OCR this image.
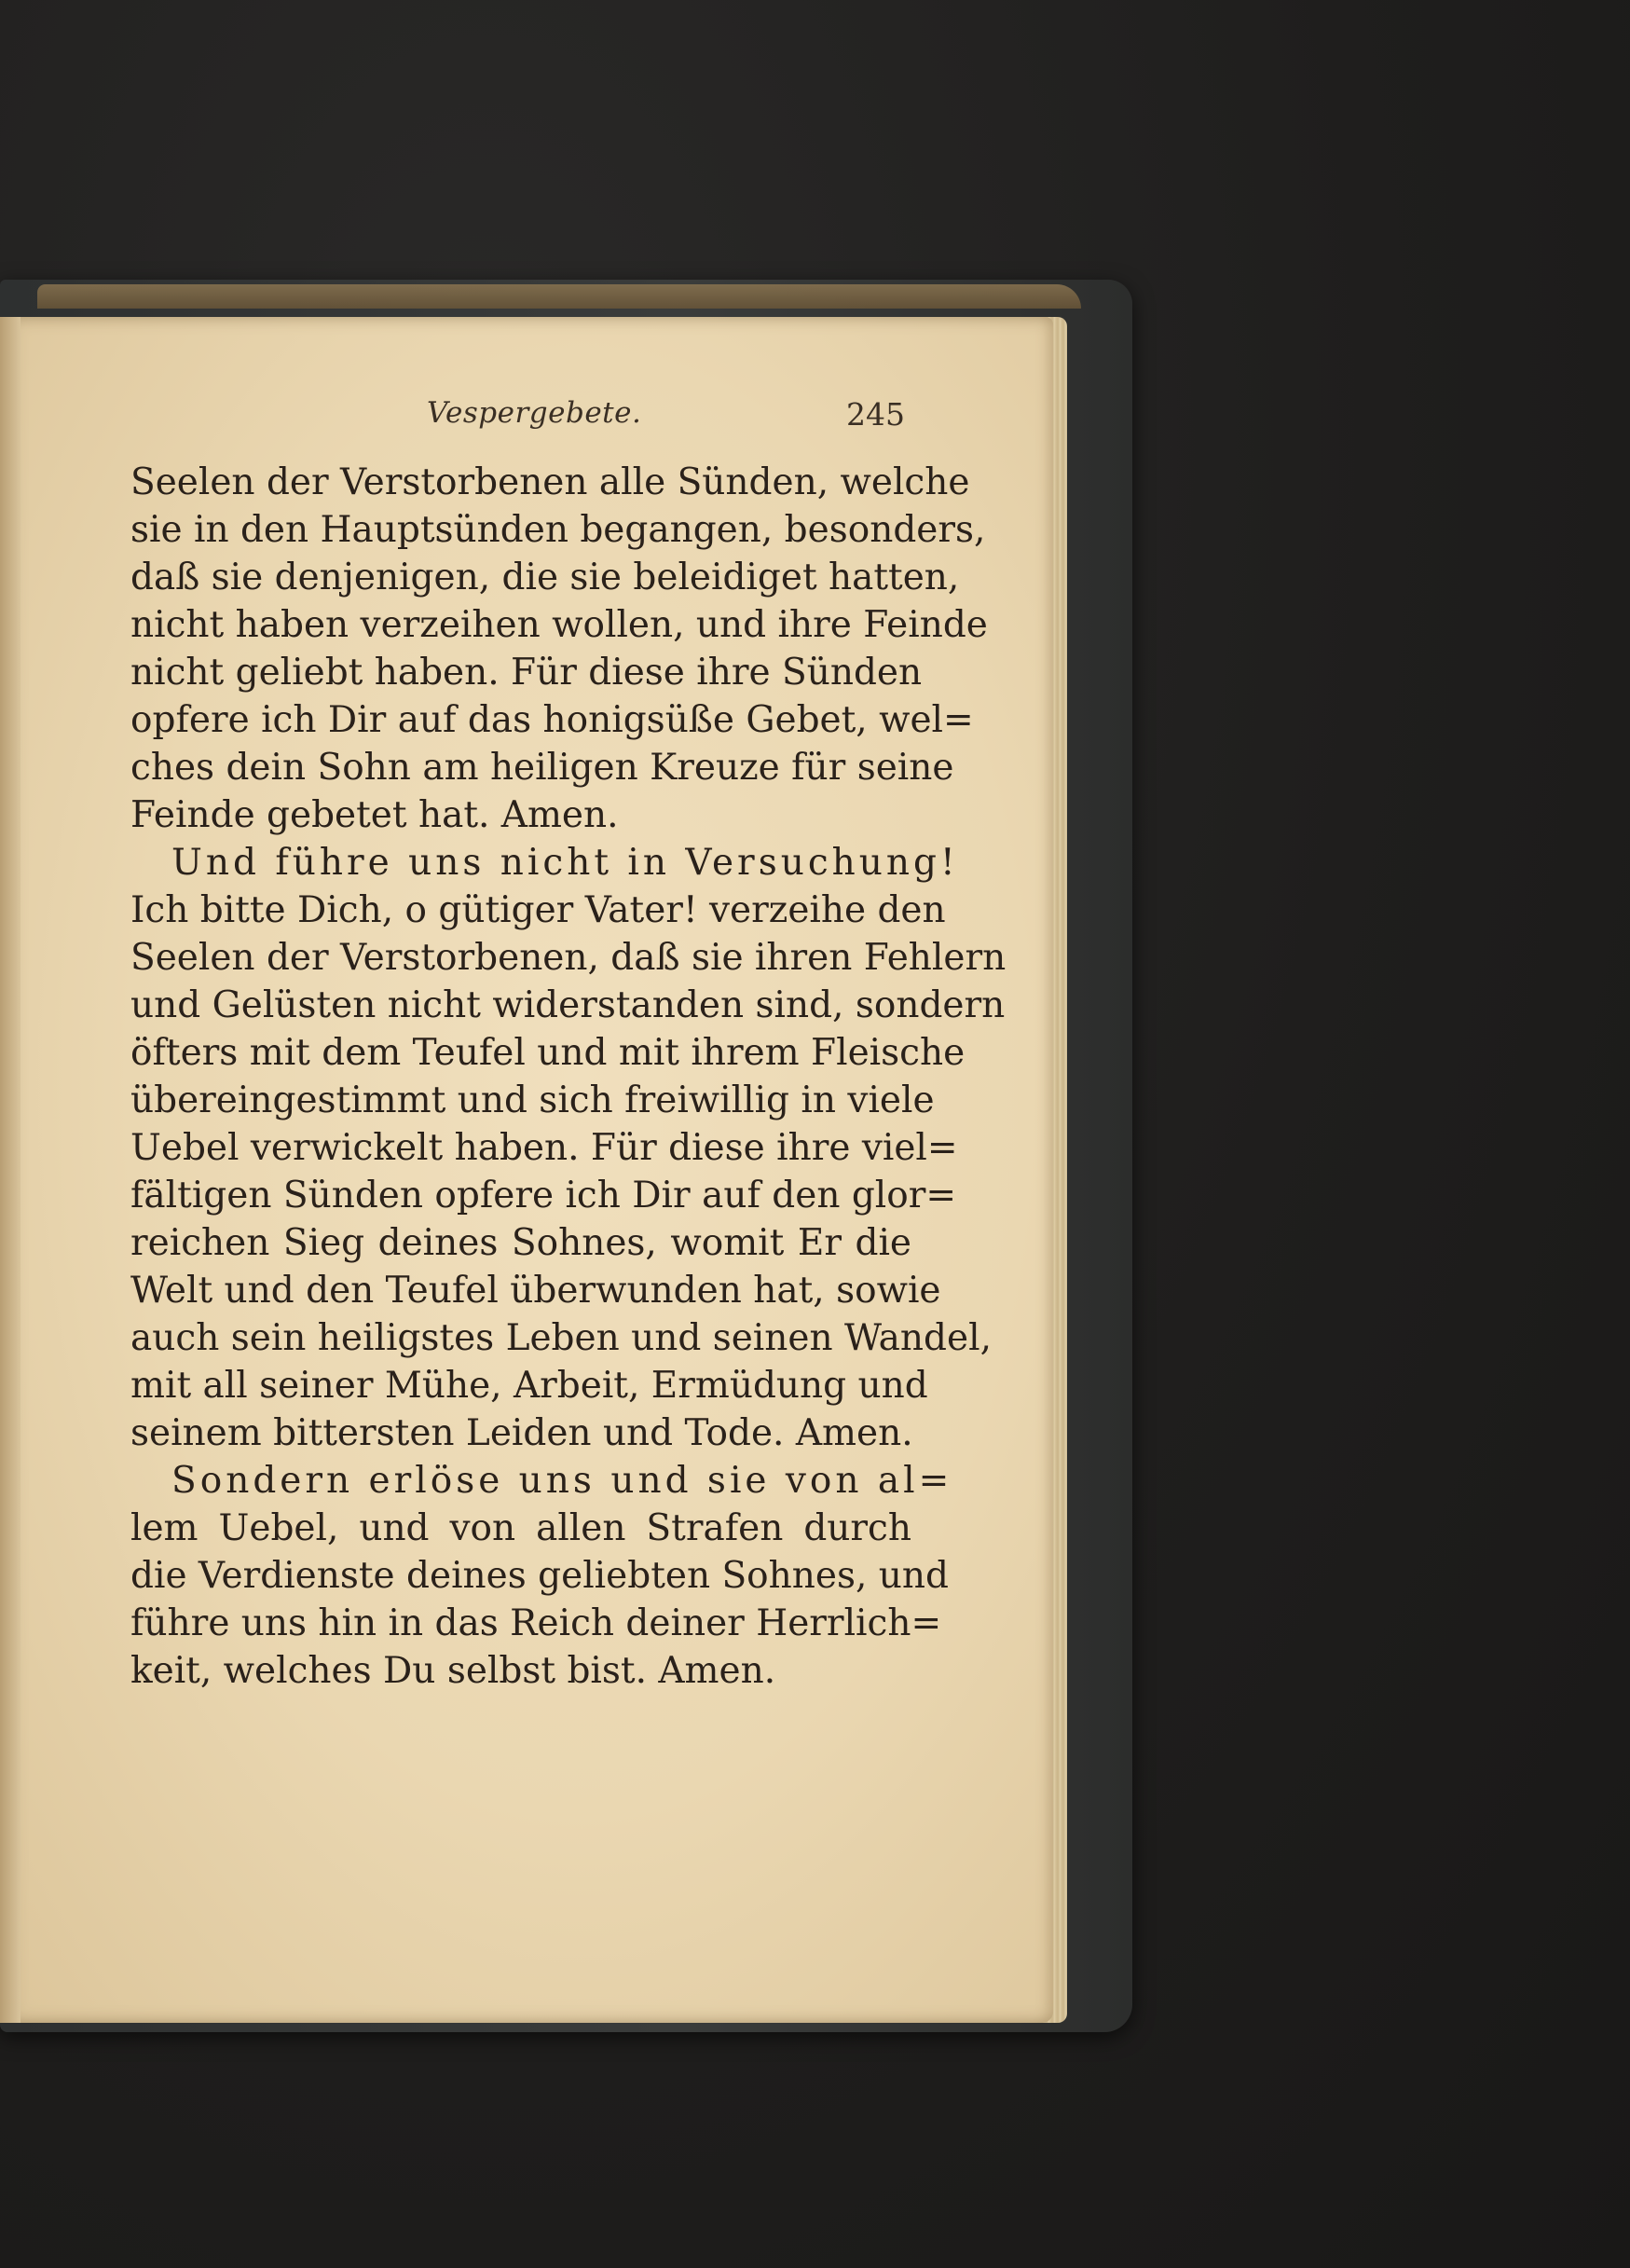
Vespergebete.	245
Seelen der Verstorbenen alle Sünden, welche
sie in den Hauptsünden begangen, besonders,
daß sie denjenigen, die sie beleidiget hatten,
nicht haben verzeihen wollen, und ihre Feinde
nicht geliebt haben. Für diese ihre Sünden
opfere ich Dir auf das honigsüße Gebet, wel=
ches dein Sohn am heiligen Kreuze für seine
Feinde gebetet hat. Amen.
Und führe uns nicht in Versuchung!
Ich bitte Dich, o gütiger Vater! verzeihe den
Seelen der Verstorbenen, daß sie ihren Fehlern
und Gelüsten nicht widerstanden sind, sondern
öfters mit dem Teufel und mit ihrem Fleische
übereingestimmt und sich freiwillig in viele
Uebel verwickelt haben. Für diese ihre viel=
fältigen Sünden opfere ich Dir auf den glor=
reichen Sieg deines Sohnes, womit Er die
Welt und den Teufel überwunden hat, sowie
auch sein heiligstes Leben und seinen Wandel,
mit all seiner Mühe, Arbeit, Ermüdung und
seinem bittersten Leiden und Tode. Amen.
Sondern erlöse uns und sie von al=
lem Uebel, und von allen Strafen durch
die Verdienste deines geliebten Sohnes, und
führe uns hin in das Reich deiner Herrlich=
keit, welches Du selbst bist. Amen.
